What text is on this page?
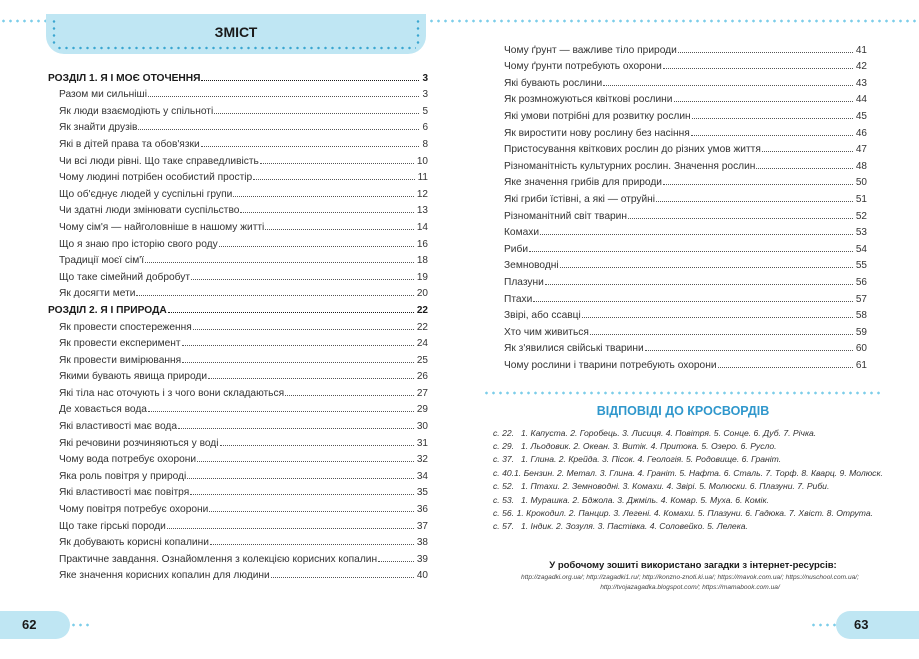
ЗМІСТ
РОЗДІЛ 1. Я І МОЄ ОТОЧЕННЯ	3
Разом ми сильніші	3
Як люди взаємодіють у спільноті	5
Як знайти друзів	6
Які в дітей права та обов'язки	8
Чи всі люди рівні. Що таке справедливість	10
Чому людині потрібен особистий простір	11
Що об'єднує людей у суспільні групи	12
Чи здатні люди змінювати суспільство	13
Чому сім'я — найголовніше в нашому житті	14
Що я знаю про історію свого роду	16
Традиції моєї сім'ї	18
Що таке сімейний добробут	19
Як досягти мети	20
РОЗДІЛ 2. Я І ПРИРОДА	22
Як провести спостереження	22
Як провести експеримент	24
Як провести вимірювання	25
Якими бувають явища природи	26
Які тіла нас оточують і з чого вони складаються	27
Де ховається вода	29
Які властивості має вода	30
Які речовини розчиняються у воді	31
Чому вода потребує охорони	32
Яка роль повітря у природі	34
Які властивості має повітря	35
Чому повітря потребує охорони	36
Що таке гірські породи	37
Як добувають корисні копалини	38
Практичне завдання. Ознайомлення з колекцією корисних копалин	39
Яке значення корисних копалин для людини	40
Чому ґрунт — важливе тіло природи	41
Чому ґрунти потребують охорони	42
Які бувають рослини	43
Як розмножуються квіткові рослини	44
Які умови потрібні для розвитку рослин	45
Як виростити нову рослину без насіння	46
Пристосування квіткових рослин до різних умов життя	47
Різноманітність культурних рослин. Значення рослин	48
Яке значення грибів для природи	50
Які гриби їстівні, а які — отруйні	51
Різноманітний світ тварин	52
Комахи	53
Риби	54
Земноводні	55
Плазуни	56
Птахи	57
Звірі, або ссавці	58
Хто чим живиться	59
Як з'явилися свійські тварини	60
Чому рослини і тварини потребують охорони	61
ВІДПОВІДІ ДО КРОСВОРДІВ
с. 22. 1. Капуста. 2. Горобець. 3. Лисиця. 4. Повітря. 5. Сонце. 6. Дуб. 7. Річка.
с. 29. 1. Льодовик. 2. Океан. 3. Витік. 4. Притока. 5. Озеро. 6. Русло.
с. 37. 1. Глина. 2. Крейда. 3. Пісок. 4. Геологія. 5. Родовище. 6. Граніт.
с. 40. 1. Бензин. 2. Метал. 3. Глина. 4. Граніт. 5. Нафта. 6. Сталь. 7. Торф. 8. Кварц. 9. Молюск.
с. 52. 1. Птахи. 2. Земноводні. 3. Комахи. 4. Звірі. 5. Молюски. 6. Плазуни. 7. Риби.
с. 53. 1. Мурашка. 2. Бджола. 3. Джміль. 4. Комар. 5. Муха. 6. Комік.
с. 56. 1. Крокодил. 2. Панцир. 3. Легені. 4. Комахи. 5. Плазуни. 6. Гадюка. 7. Хвіст. 8. Отрута.
с. 57. 1. Індик. 2. Зозуля. 3. Пастівка. 4. Соловейко. 5. Лелека.
У робочому зошиті використано загадки з інтернет-ресурсів:
http://zagadki.org.ua/; http://zagadki1.ru/; http://konzno-znoti.ki.ua/; https://mavok.com.ua/; https://nuschool.com.ua/;
http://tvojazagadka.blogspot.com/; https://mamabook.com.ua/
62	63
